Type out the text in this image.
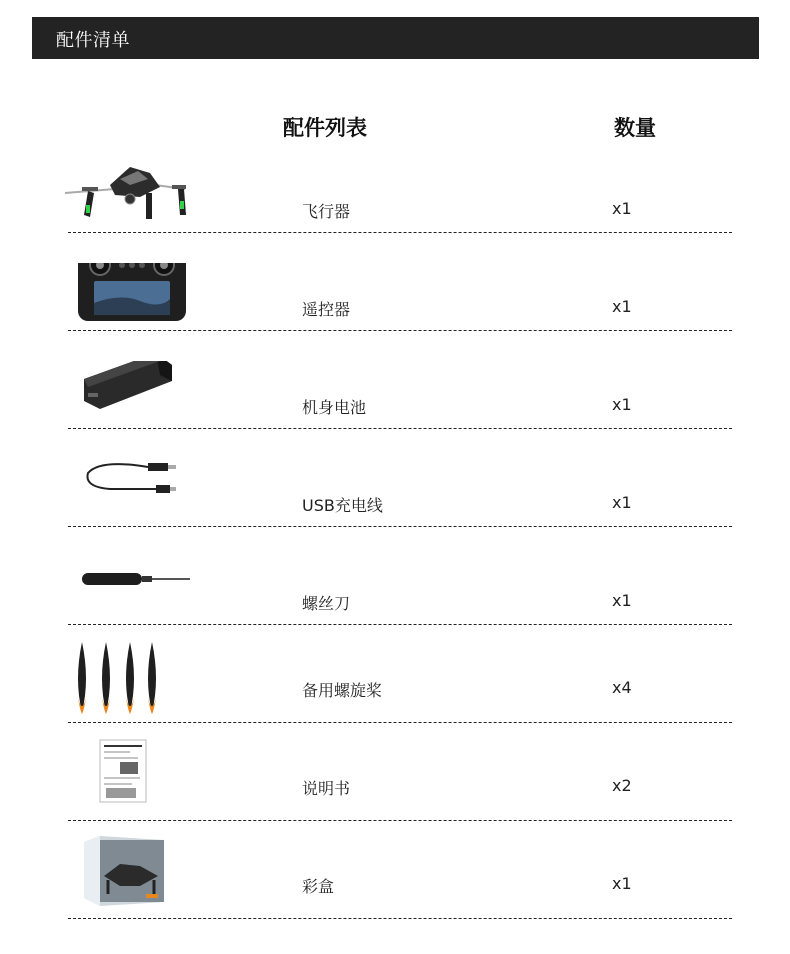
配件清单
配件列表	数量
飞行器	x1
遥控器	x1
机身电池	x1
USB充电线	x1
螺丝刀	x1
备用螺旋桨	x4
说明书	x2
彩盒	x1
